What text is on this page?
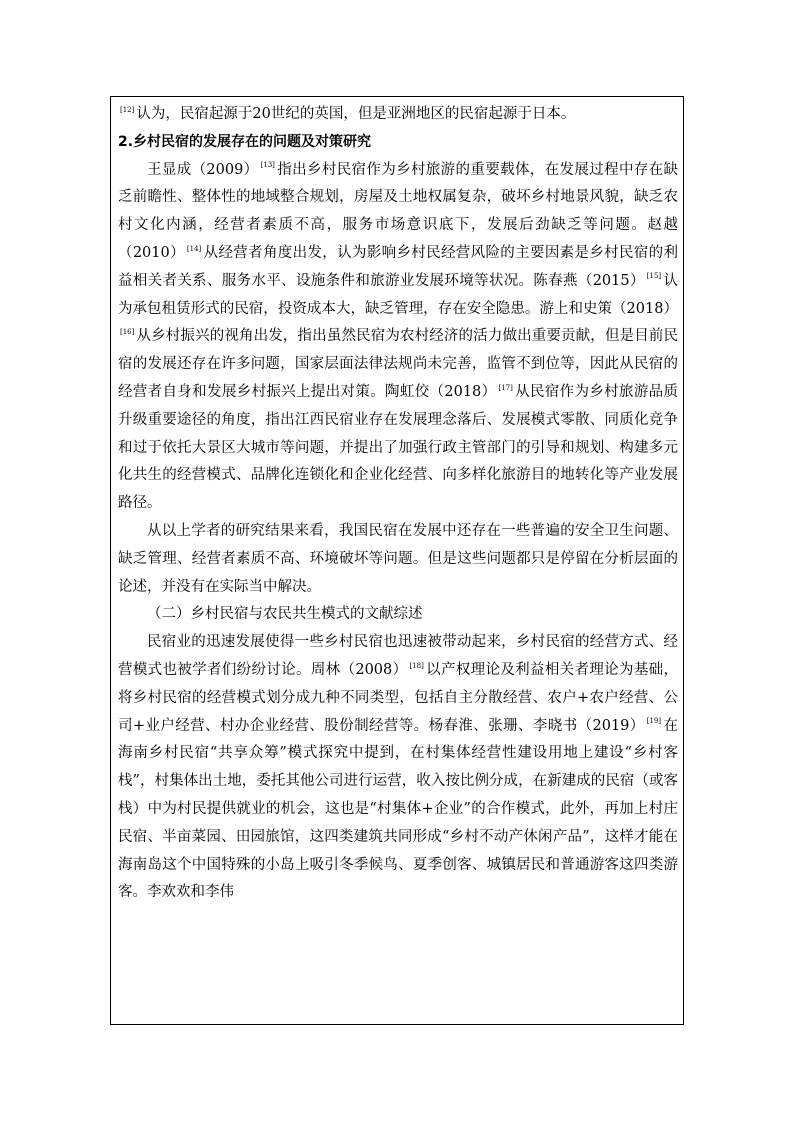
[12] 认为，民宿起源于20世纪的英国，但是亚洲地区的民宿起源于日本。

2.乡村民宿的发展存在的问题及对策研究

王显成（2009） [13] 指出乡村民宿作为乡村旅游的重要载体，在发展过程中存在缺乏前瞻性、整体性的地域整合规划，房屋及土地权属复杂，破坏乡村地景风貌，缺乏农村文化内涵，经营者素质不高，服务市场意识底下，发展后劲缺乏等问题。赵越（2010） [14] 从经营者角度出发，认为影响乡村民经营风险的主要因素是乡村民宿的利益相关者关系、服务水平、设施条件和旅游业发展环境等状况。陈春燕（2015） [15] 认为承包租赁形式的民宿，投资成本大，缺乏管理，存在安全隐患。游上和史策（2018）[16] 从乡村振兴的视角出发，指出虽然民宿为农村经济的活力做出重要贡献，但是目前民宿的发展还存在许多问题，国家层面法律法规尚未完善，监管不到位等，因此从民宿的经营者自身和发展乡村振兴上提出对策。陶虹佼（2018） [17] 从民宿作为乡村旅游品质升级重要途径的角度，指出江西民宿业存在发展理念落后、发展模式零散、同质化竞争和过于依托大景区大城市等问题，并提出了加强行政主管部门的引导和规划、构建多元化共生的经营模式、品牌化连锁化和企业化经营、向多样化旅游目的地转化等产业发展路径。

从以上学者的研究结果来看，我国民宿在发展中还存在一些普遍的安全卫生问题、缺乏管理、经营者素质不高、环境破坏等问题。但是这些问题都只是停留在分析层面的论述，并没有在实际当中解决。

（二）乡村民宿与农民共生模式的文献综述

民宿业的迅速发展使得一些乡村民宿也迅速被带动起来，乡村民宿的经营方式、经营模式也被学者们纷纷讨论。周林（2008） [18] 以产权理论及利益相关者理论为基础，将乡村民宿的经营模式划分成九种不同类型，包括自主分散经营、农户+农户经营、公司+业户经营、村办企业经营、股份制经营等。杨春淮、张珊、李晓书（2019） [19] 在海南乡村民宿“共享众筹”模式探究中提到，在村集体经营性建设用地上建设“乡村客栈”，村集体出土地，委托其他公司进行运营，收入按比例分成，在新建成的民宿（或客栈）中为村民提供就业的机会，这也是“村集体+企业”的合作模式，此外，再加上村庄民宿、半亩菜园、田园旅馆，这四类建筑共同形成“乡村不动产休闲产品”，这样才能在海南岛这个中国特殊的小岛上吸引冬季候鸟、夏季创客、城镇居民和普通游客这四类游客。李欢欢和李伟
